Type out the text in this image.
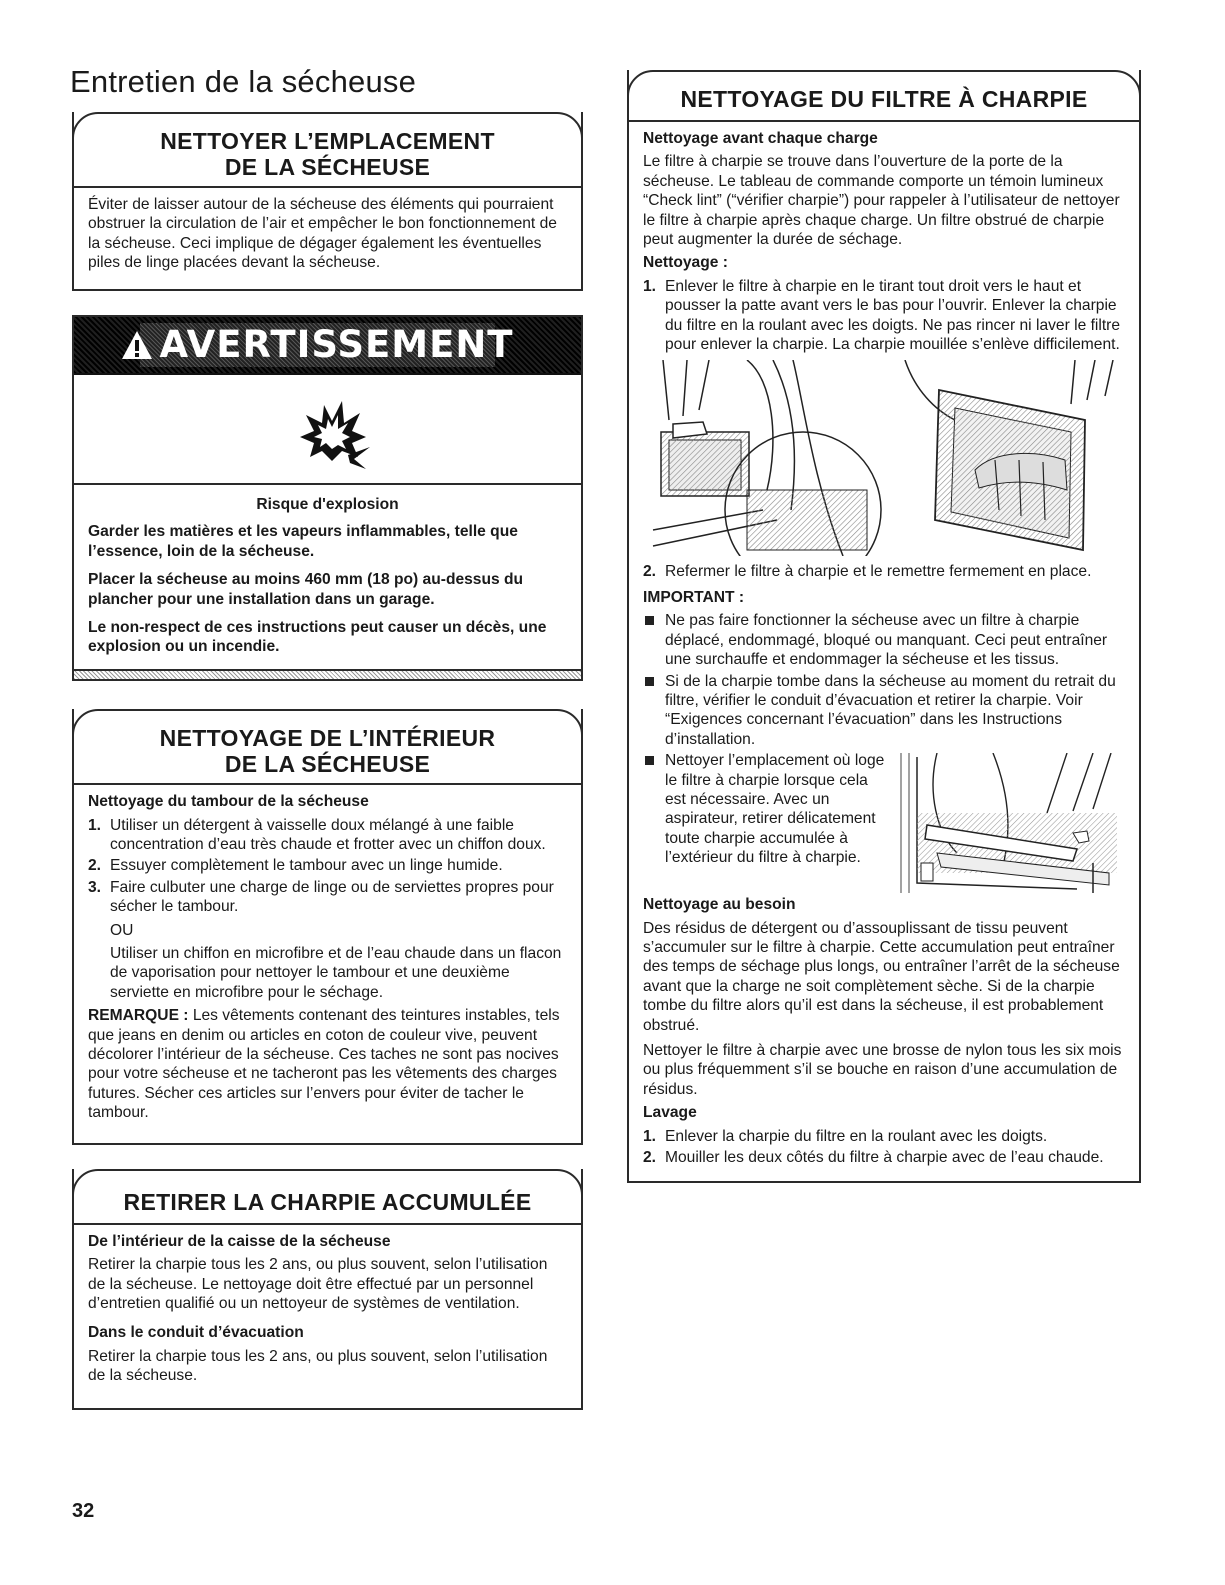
Entretien de la sécheuse
NETTOYER L’EMPLACEMENT
DE LA SÉCHEUSE

Éviter de laisser autour de la sécheuse des éléments qui pourraient obstruer la circulation de l’air et empêcher le bon fonctionnement de la sécheuse. Ceci implique de dégager également les éventuelles piles de linge placées devant la sécheuse.

AVERTISSEMENT
Risque d'explosion

Garder les matières et les vapeurs inflammables, telle que l’essence, loin de la sécheuse.

Placer la sécheuse au moins 460 mm (18 po) au-dessus du plancher pour une installation dans un garage.

Le non-respect de ces instructions peut causer un décès, une explosion ou un incendie.

NETTOYAGE DE L’INTÉRIEUR
DE LA SÉCHEUSE

Nettoyage du tambour de la sécheuse

1. Utiliser un détergent à vaisselle doux mélangé à une faible concentration d’eau très chaude et frotter avec un chiffon doux.
2. Essuyer complètement le tambour avec un linge humide.
3. Faire culbuter une charge de linge ou de serviettes propres pour sécher le tambour.
OU
Utiliser un chiffon en microfibre et de l’eau chaude dans un flacon de vaporisation pour nettoyer le tambour et une deuxième serviette en microfibre pour le séchage.

REMARQUE : Les vêtements contenant des teintures instables, tels que jeans en denim ou articles en coton de couleur vive, peuvent décolorer l’intérieur de la sécheuse. Ces taches ne sont pas nocives pour votre sécheuse et ne tacheront pas les vêtements des charges futures. Sécher ces articles sur l’envers pour éviter de tacher le tambour.

RETIRER LA CHARPIE ACCUMULÉE

De l’intérieur de la caisse de la sécheuse

Retirer la charpie tous les 2 ans, ou plus souvent, selon l’utilisation de la sécheuse. Le nettoyage doit être effectué par un personnel d’entretien qualifié ou un nettoyeur de systèmes de ventilation.

Dans le conduit d’évacuation

Retirer la charpie tous les 2 ans, ou plus souvent, selon l’utilisation de la sécheuse.

NETTOYAGE DU FILTRE À CHARPIE

Nettoyage avant chaque charge

Le filtre à charpie se trouve dans l’ouverture de la porte de la sécheuse. Le tableau de commande comporte un témoin lumineux “Check lint” (“vérifier charpie”) pour rappeler à l’utilisateur de nettoyer le filtre à charpie après chaque charge. Un filtre obstrué de charpie peut augmenter la durée de séchage.

Nettoyage :

1. Enlever le filtre à charpie en le tirant tout droit vers le haut et pousser la patte avant vers le bas pour l’ouvrir. Enlever la charpie du filtre en la roulant avec les doigts. Ne pas rincer ni laver le filtre pour enlever la charpie. La charpie mouillée s’enlève difficilement.
2. Refermer le filtre à charpie et le remettre fermement en place.

IMPORTANT :

Ne pas faire fonctionner la sécheuse avec un filtre à charpie déplacé, endommagé, bloqué ou manquant. Ceci peut entraîner une surchauffe et endommager la sécheuse et les tissus.
Si de la charpie tombe dans la sécheuse au moment du retrait du filtre, vérifier le conduit d’évacuation et retirer la charpie. Voir “Exigences concernant l’évacuation” dans les Instructions d’installation.
Nettoyer l’emplacement où loge le filtre à charpie lorsque cela est nécessaire. Avec un aspirateur, retirer délicatement toute charpie accumulée à l’extérieur du filtre à charpie.

Nettoyage au besoin

Des résidus de détergent ou d’assouplissant de tissu peuvent s’accumuler sur le filtre à charpie. Cette accumulation peut entraîner des temps de séchage plus longs, ou entraîner l’arrêt de la sécheuse avant que la charge ne soit complètement sèche. Si de la charpie tombe du filtre alors qu’il est dans la sécheuse, il est probablement obstrué.

Nettoyer le filtre à charpie avec une brosse de nylon tous les six mois ou plus fréquemment s’il se bouche en raison d’une accumulation de résidus.

Lavage

1. Enlever la charpie du filtre en la roulant avec les doigts.
2. Mouiller les deux côtés du filtre à charpie avec de l’eau chaude.
32
